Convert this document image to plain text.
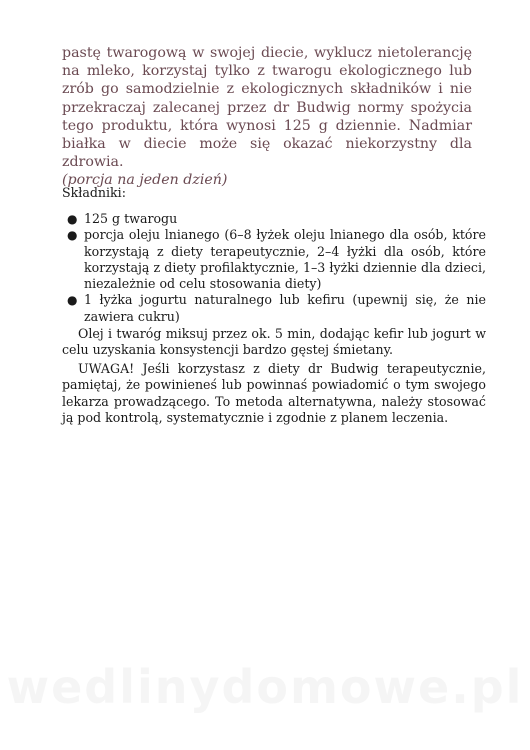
pastę twarogową w swojej diecie, wyklucz nietolerancję na mleko, korzystaj tylko z twarogu ekologicznego lub zrób go samodzielnie z ekologicznych składników i nie przekraczaj zalecanej przez dr Budwig normy spożycia tego produktu, która wynosi 125 g dziennie. Nadmiar białka w diecie może się okazać niekorzystny dla zdrowia.
(porcja na jeden dzień)

Składniki:

● 125 g twarogu
● porcja oleju lnianego (6–8 łyżek oleju lnianego dla osób, które korzystają z diety terapeutycznie, 2–4 łyżki dla osób, które korzystają z diety profilaktycznie, 1–3 łyżki dziennie dla dzieci, niezależnie od celu stosowania diety)
● 1 łyżka jogurtu naturalnego lub kefiru (upewnij się, że nie zawiera cukru)

Olej i twaróg miksuj przez ok. 5 min, dodając kefir lub jogurt w celu uzyskania konsystencji bardzo gęstej śmietany.

UWAGA! Jeśli korzystasz z diety dr Budwig terapeutycznie, pamiętaj, że powinieneś lub powinnaś powiadomić o tym swojego lekarza prowadzącego. To metoda alternatywna, należy stosować ją pod kontrolą, systematycznie i zgodnie z planem leczenia.

wedlinydomowe.pl
